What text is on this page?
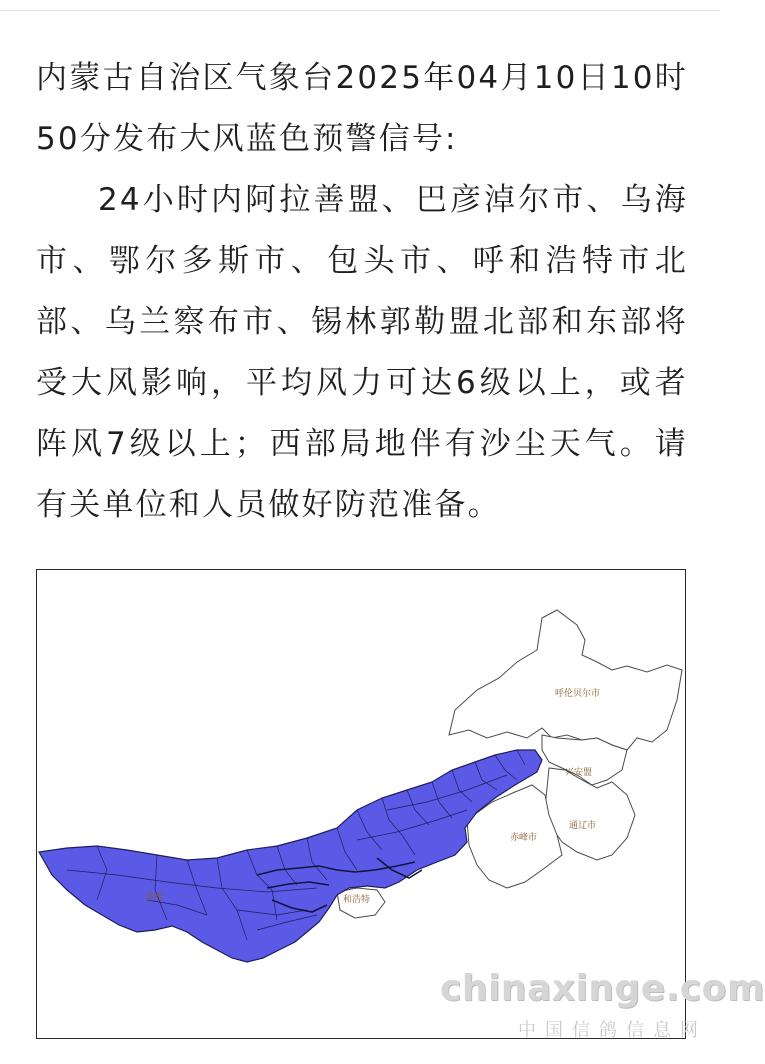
内蒙古自治区气象台2025年04月10日10时50分发布大风蓝色预警信号:

24小时内阿拉善盟、巴彦淖尔市、乌海市、鄂尔多斯市、包头市、呼和浩特市北部、乌兰察布市、锡林郭勒盟北部和东部将受大风影响，平均风力可达6级以上，或者阵风7级以上；西部局地伴有沙尘天气。请有关单位和人员做好防范准备。

呼伦贝尔市
兴安盟
通辽市
赤峰市
和浩特
善盟
chinaxinge.com
中国信鸽信息网
